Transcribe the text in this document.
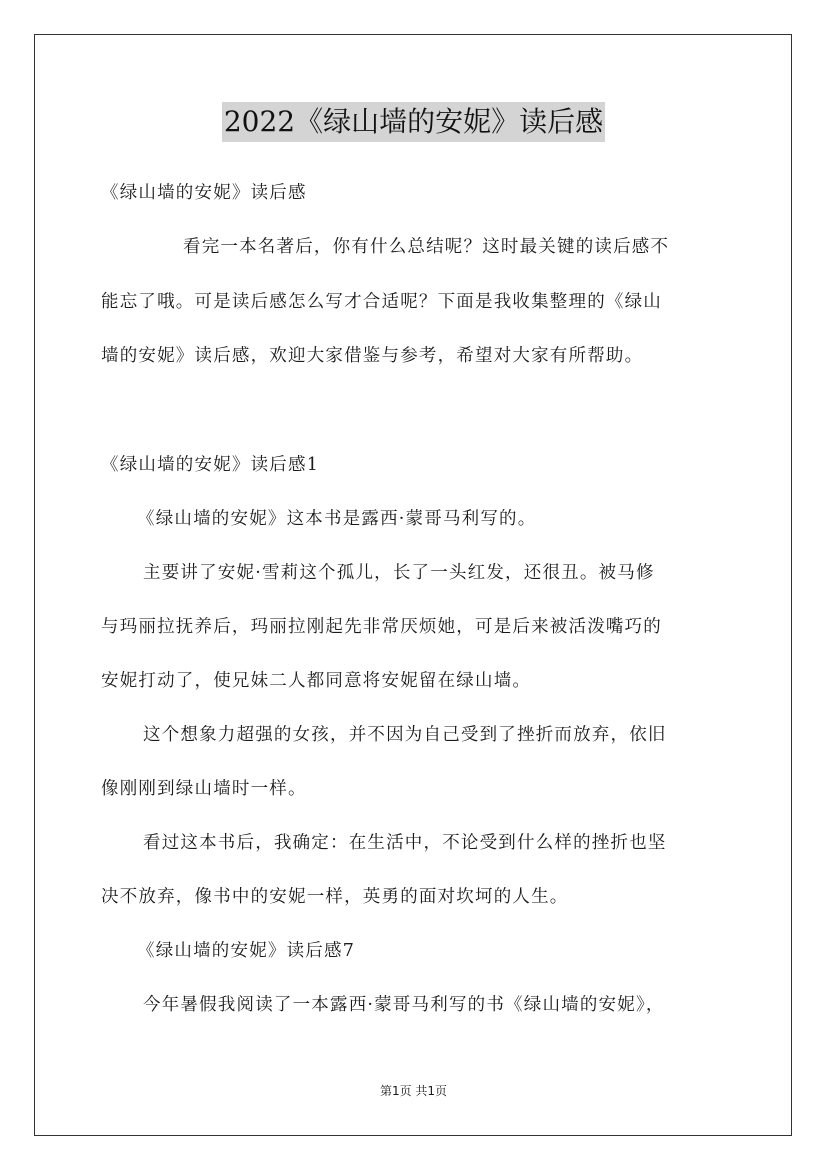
2022《绿山墙的安妮》读后感
《绿山墙的安妮》读后感
看完一本名著后，你有什么总结呢？这时最关键的读后感不
能忘了哦。可是读后感怎么写才合适呢？下面是我收集整理的《绿山
墙的安妮》读后感，欢迎大家借鉴与参考，希望对大家有所帮助。
《绿山墙的安妮》读后感1
《绿山墙的安妮》这本书是露西·蒙哥马利写的。
主要讲了安妮·雪莉这个孤儿，长了一头红发，还很丑。被马修
与玛丽拉抚养后，玛丽拉刚起先非常厌烦她，可是后来被活泼嘴巧的
安妮打动了，使兄妹二人都同意将安妮留在绿山墙。
这个想象力超强的女孩，并不因为自己受到了挫折而放弃，依旧
像刚刚到绿山墙时一样。
看过这本书后，我确定：在生活中，不论受到什么样的挫折也坚
决不放弃，像书中的安妮一样，英勇的面对坎坷的人生。
《绿山墙的安妮》读后感7
今年暑假我阅读了一本露西·蒙哥马利写的书《绿山墙的安妮》，
第1页 共1页
